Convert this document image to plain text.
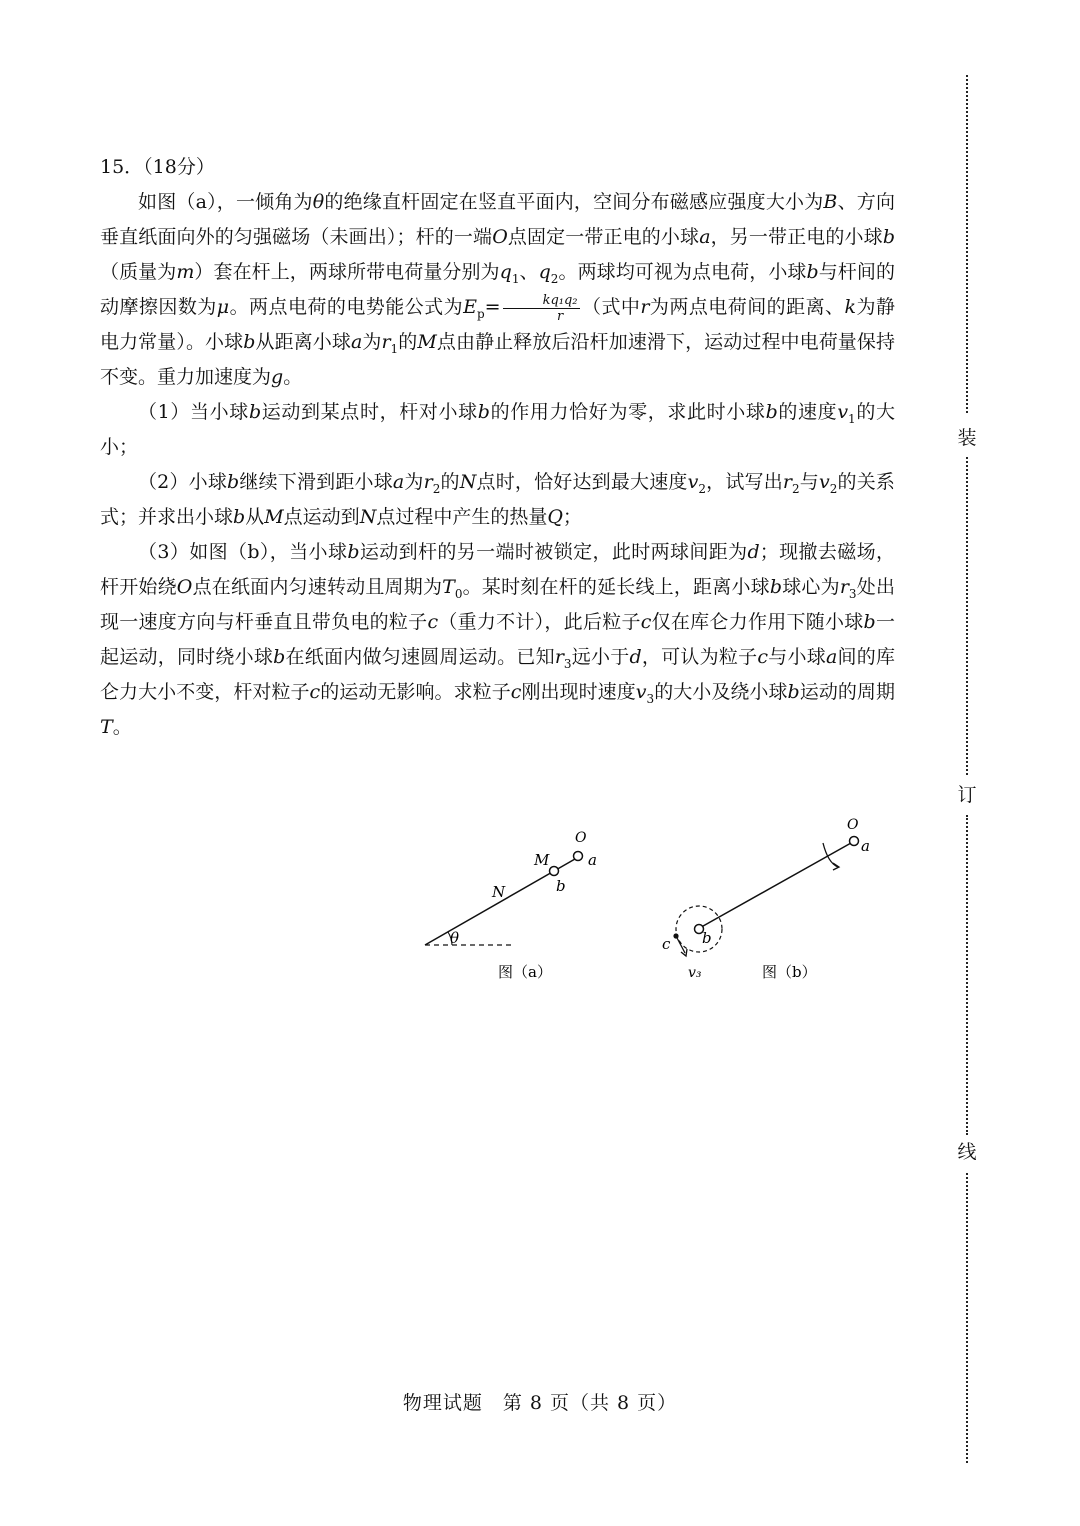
15．（18分）
如图（a），一倾角为θ的绝缘直杆固定在竖直平面内，空间分布磁感应强度大小为B、方向垂直纸面向外的匀强磁场（未画出）；杆的一端O点固定一带正电的小球a，另一带正电的小球b（质量为m）套在杆上，两球所带电荷量分别为$q_1$、$q_2$。两球均可视为点电荷，小球b与杆间的动摩擦因数为μ。两点电荷的电势能公式为$E_p= \frac{\text{kq₁q₂}}{r}$ （式中r为两点电荷间的距离、k为静电力常量）。小球b从距离小球a为$r_1$的M点由静止释放后沿杆加速滑下，运动过程中电荷量保持不变。重力加速度为g。
（1）当小球b运动到某点时，杆对小球b的作用力恰好为零，求此时小球b的速度$v_1$的大小；
（2）小球b继续下滑到距小球a为$r_2$的N点时，恰好达到最大速度$v_2$，试写出$r_2$与$v_2$的关系式；并求出小球b从M点运动到N点过程中产生的热量Q；
（3）如图（b），当小球b运动到杆的另一端时被锁定，此时两球间距为d；现撤去磁场，杆开始绕O点在纸面内匀速转动且周期为$T_0$。某时刻在杆的延长线上，距离小球b球心为$r_3$处出现一速度方向与杆垂直且带负电的粒子c（重力不计），此后粒子c仅在库仑力作用下随小球b一起运动，同时绕小球b在纸面内做匀速圆周运动。已知$r_3$远小于d，可认为粒子c与小球a间的库仑力大小不变，杆对粒子c的运动无影响。求粒子c刚出现时速度$v_3$的大小及绕小球b运动的周期T。
θ
O
a
M
b
N
图（a）
O
a
b
c
v₃	图（b）
装
订
线
物理试题　第 8 页（共 8 页）
